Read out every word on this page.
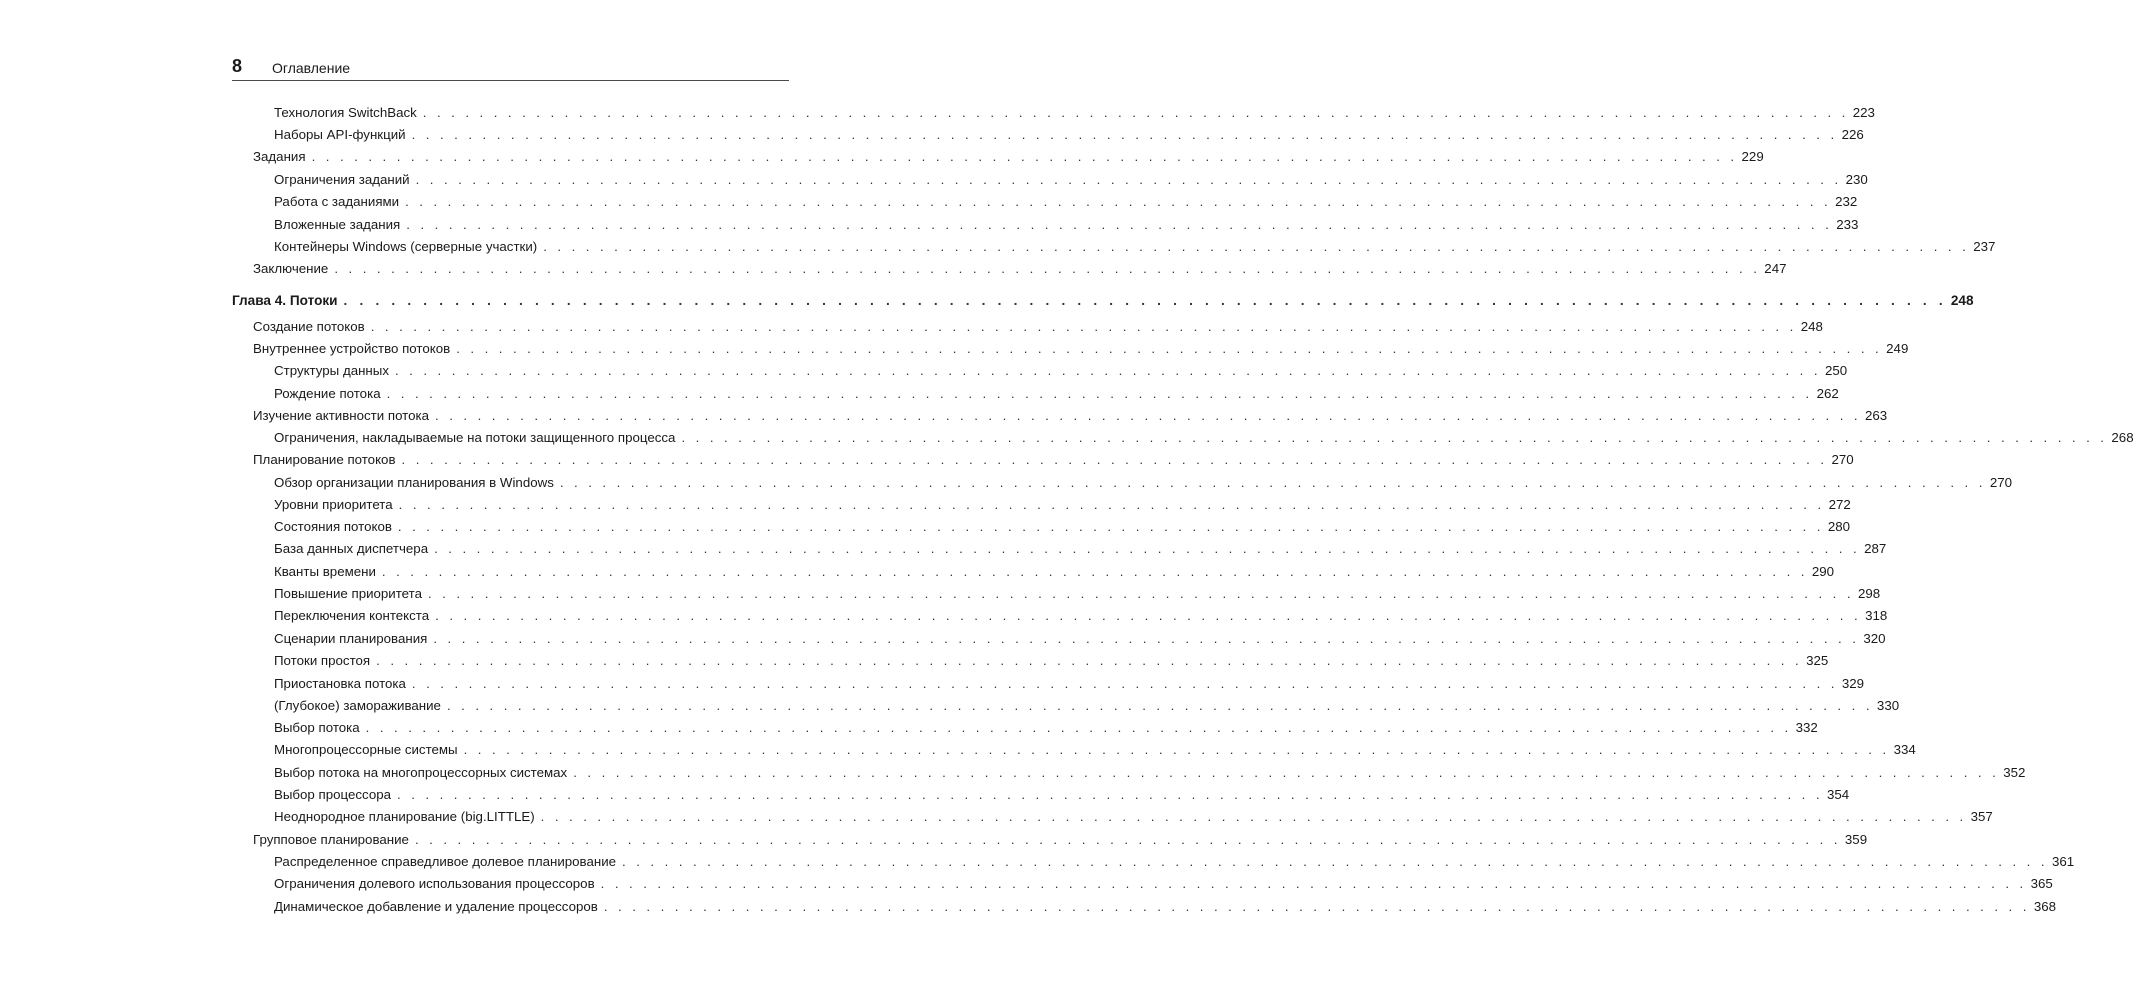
8 Оглавление
Технология SwitchBack . . . . . . . . . . . . . . . . . . . . . . . . . . . . . . . . . . . . . . . . . . . . . . . . . . . . . . . . . . . . . . . . . . . . . . . . . . . . . . . . . . . . . . . . . . . . . . . . . . . . . 223
Наборы API-функций . . . . . . . . . . . . . . . . . . . . . . . . . . . . . . . . . . . . . . . . . . . . . . . . . . . . . . . . . . . . . . . . . . . . . . . . . . . . . . . . . . . . . . . . . . . . . . . . . . . . . 226
Задания . . . . . . . . . . . . . . . . . . . . . . . . . . . . . . . . . . . . . . . . . . . . . . . . . . . . . . . . . . . . . . . . . . . . . . . . . . . . . . . . . . . . . . . . . . . . . . . . . . . . . 229
Ограничения заданий . . . . . . . . . . . . . . . . . . . . . . . . . . . . . . . . . . . . . . . . . . . . . . . . . . . . . . . . . . . . . . . . . . . . . . . . . . . . . . . . . . . . . . . . . . . . . . . . . . . . . 230
Работа с заданиями . . . . . . . . . . . . . . . . . . . . . . . . . . . . . . . . . . . . . . . . . . . . . . . . . . . . . . . . . . . . . . . . . . . . . . . . . . . . . . . . . . . . . . . . . . . . . . . . . . . . . 232
Вложенные задания . . . . . . . . . . . . . . . . . . . . . . . . . . . . . . . . . . . . . . . . . . . . . . . . . . . . . . . . . . . . . . . . . . . . . . . . . . . . . . . . . . . . . . . . . . . . . . . . . . . . . 233
Контейнеры Windows (серверные участки) . . . . . . . . . . . . . . . . . . . . . . . . . . . . . . . . . . . . . . . . . . . . . . . . . . . . . . . . . . . . . . . . . . . . . . . . . . . . . . . . . . . . . . . . . . . . . . . . . . . . . 237
Заключение . . . . . . . . . . . . . . . . . . . . . . . . . . . . . . . . . . . . . . . . . . . . . . . . . . . . . . . . . . . . . . . . . . . . . . . . . . . . . . . . . . . . . . . . . . . . . . . . . . . . . 247
Глава 4. Потоки . . . . . . . . . . . . . . . . . . . . . . . . . . . . . . . . . . . . . . . . . . . . . . . . . . . . . . . . . . . . . . . . . . . . . . . . . . . . . . . . . . . . . . . . . . . . . . . . . . . . . 248
Создание потоков . . . . . . . . . . . . . . . . . . . . . . . . . . . . . . . . . . . . . . . . . . . . . . . . . . . . . . . . . . . . . . . . . . . . . . . . . . . . . . . . . . . . . . . . . . . . . . . . . . . . . 248
Внутреннее устройство потоков . . . . . . . . . . . . . . . . . . . . . . . . . . . . . . . . . . . . . . . . . . . . . . . . . . . . . . . . . . . . . . . . . . . . . . . . . . . . . . . . . . . . . . . . . . . . . . . . . . . . . 249
Структуры данных . . . . . . . . . . . . . . . . . . . . . . . . . . . . . . . . . . . . . . . . . . . . . . . . . . . . . . . . . . . . . . . . . . . . . . . . . . . . . . . . . . . . . . . . . . . . . . . . . . . . . 250
Рождение потока . . . . . . . . . . . . . . . . . . . . . . . . . . . . . . . . . . . . . . . . . . . . . . . . . . . . . . . . . . . . . . . . . . . . . . . . . . . . . . . . . . . . . . . . . . . . . . . . . . . . . 262
Изучение активности потока . . . . . . . . . . . . . . . . . . . . . . . . . . . . . . . . . . . . . . . . . . . . . . . . . . . . . . . . . . . . . . . . . . . . . . . . . . . . . . . . . . . . . . . . . . . . . . . . . . . . . 263
Ограничения, накладываемые на потоки защищенного процесса . . . . . . . . . . . . . . . . . . . . . . . . . . . . . . . . . . . . . . . . . . . . . . . . . . . . . . . . . . . . . . . . . . . . . . . . . . . . . . . . . . . . . . . . . . . . . . . . . . . . . 268
Планирование потоков . . . . . . . . . . . . . . . . . . . . . . . . . . . . . . . . . . . . . . . . . . . . . . . . . . . . . . . . . . . . . . . . . . . . . . . . . . . . . . . . . . . . . . . . . . . . . . . . . . . . . 270
Обзор организации планирования в Windows . . . . . . . . . . . . . . . . . . . . . . . . . . . . . . . . . . . . . . . . . . . . . . . . . . . . . . . . . . . . . . . . . . . . . . . . . . . . . . . . . . . . . . . . . . . . . . . . . . . . . 270
Уровни приоритета . . . . . . . . . . . . . . . . . . . . . . . . . . . . . . . . . . . . . . . . . . . . . . . . . . . . . . . . . . . . . . . . . . . . . . . . . . . . . . . . . . . . . . . . . . . . . . . . . . . . . 272
Состояния потоков . . . . . . . . . . . . . . . . . . . . . . . . . . . . . . . . . . . . . . . . . . . . . . . . . . . . . . . . . . . . . . . . . . . . . . . . . . . . . . . . . . . . . . . . . . . . . . . . . . . . . 280
База данных диспетчера . . . . . . . . . . . . . . . . . . . . . . . . . . . . . . . . . . . . . . . . . . . . . . . . . . . . . . . . . . . . . . . . . . . . . . . . . . . . . . . . . . . . . . . . . . . . . . . . . . . . . 287
Кванты времени . . . . . . . . . . . . . . . . . . . . . . . . . . . . . . . . . . . . . . . . . . . . . . . . . . . . . . . . . . . . . . . . . . . . . . . . . . . . . . . . . . . . . . . . . . . . . . . . . . . . . 290
Повышение приоритета . . . . . . . . . . . . . . . . . . . . . . . . . . . . . . . . . . . . . . . . . . . . . . . . . . . . . . . . . . . . . . . . . . . . . . . . . . . . . . . . . . . . . . . . . . . . . . . . . . . . . 298
Переключения контекста . . . . . . . . . . . . . . . . . . . . . . . . . . . . . . . . . . . . . . . . . . . . . . . . . . . . . . . . . . . . . . . . . . . . . . . . . . . . . . . . . . . . . . . . . . . . . . . . . . . . . 318
Сценарии планирования . . . . . . . . . . . . . . . . . . . . . . . . . . . . . . . . . . . . . . . . . . . . . . . . . . . . . . . . . . . . . . . . . . . . . . . . . . . . . . . . . . . . . . . . . . . . . . . . . . . . . 320
Потоки простоя . . . . . . . . . . . . . . . . . . . . . . . . . . . . . . . . . . . . . . . . . . . . . . . . . . . . . . . . . . . . . . . . . . . . . . . . . . . . . . . . . . . . . . . . . . . . . . . . . . . . . 325
Приостановка потока . . . . . . . . . . . . . . . . . . . . . . . . . . . . . . . . . . . . . . . . . . . . . . . . . . . . . . . . . . . . . . . . . . . . . . . . . . . . . . . . . . . . . . . . . . . . . . . . . . . . . 329
(Глубокое) замораживание . . . . . . . . . . . . . . . . . . . . . . . . . . . . . . . . . . . . . . . . . . . . . . . . . . . . . . . . . . . . . . . . . . . . . . . . . . . . . . . . . . . . . . . . . . . . . . . . . . . . . 330
Выбор потока . . . . . . . . . . . . . . . . . . . . . . . . . . . . . . . . . . . . . . . . . . . . . . . . . . . . . . . . . . . . . . . . . . . . . . . . . . . . . . . . . . . . . . . . . . . . . . . . . . . . . 332
Многопроцессорные системы . . . . . . . . . . . . . . . . . . . . . . . . . . . . . . . . . . . . . . . . . . . . . . . . . . . . . . . . . . . . . . . . . . . . . . . . . . . . . . . . . . . . . . . . . . . . . . . . . . . . . 334
Выбор потока на многопроцессорных системах . . . . . . . . . . . . . . . . . . . . . . . . . . . . . . . . . . . . . . . . . . . . . . . . . . . . . . . . . . . . . . . . . . . . . . . . . . . . . . . . . . . . . . . . . . . . . . . . . . . . . 352
Выбор процессора . . . . . . . . . . . . . . . . . . . . . . . . . . . . . . . . . . . . . . . . . . . . . . . . . . . . . . . . . . . . . . . . . . . . . . . . . . . . . . . . . . . . . . . . . . . . . . . . . . . . . 354
Неоднородное планирование (big.LITTLE) . . . . . . . . . . . . . . . . . . . . . . . . . . . . . . . . . . . . . . . . . . . . . . . . . . . . . . . . . . . . . . . . . . . . . . . . . . . . . . . . . . . . . . . . . . . . . . . . . . . . . 357
Групповое планирование . . . . . . . . . . . . . . . . . . . . . . . . . . . . . . . . . . . . . . . . . . . . . . . . . . . . . . . . . . . . . . . . . . . . . . . . . . . . . . . . . . . . . . . . . . . . . . . . . . . . . 359
Распределенное справедливое долевое планирование . . . . . . . . . . . . . . . . . . . . . . . . . . . . . . . . . . . . . . . . . . . . . . . . . . . . . . . . . . . . . . . . . . . . . . . . . . . . . . . . . . . . . . . . . . . . . . . . . . . . . 361
Ограничения долевого использования процессоров . . . . . . . . . . . . . . . . . . . . . . . . . . . . . . . . . . . . . . . . . . . . . . . . . . . . . . . . . . . . . . . . . . . . . . . . . . . . . . . . . . . . . . . . . . . . . . . . . . . . . 365
Динамическое добавление и удаление процессоров . . . . . . . . . . . . . . . . . . . . . . . . . . . . . . . . . . . . . . . . . . . . . . . . . . . . . . . . . . . . . . . . . . . . . . . . . . . . . . . . . . . . . . . . . . . . . . . . . . . . . 368
